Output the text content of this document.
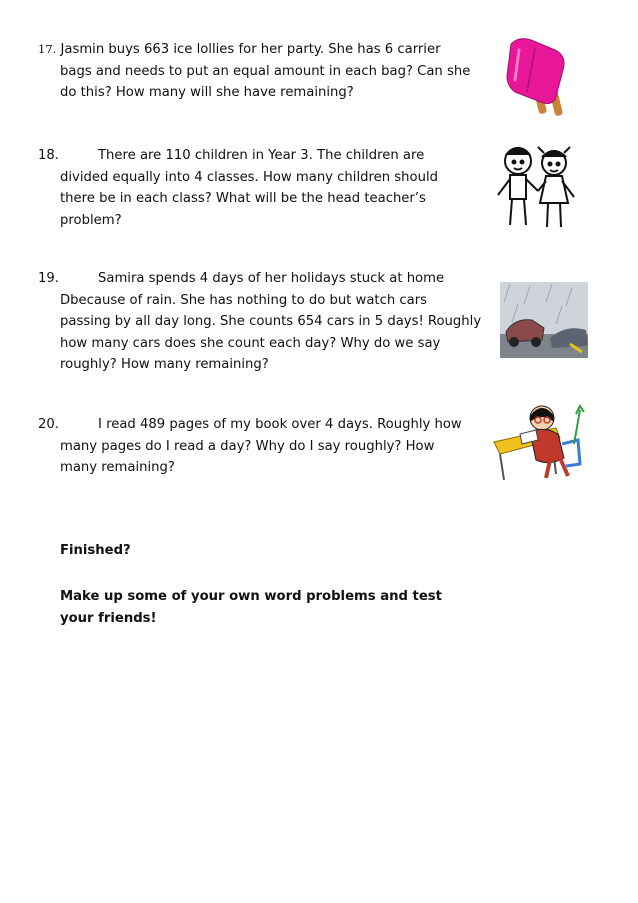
17. Jasmin buys 663 ice lollies for her party. She has 6 carrier
bags and needs to put an equal amount in each bag? Can she
do this? How many will she have remaining?
18.	There are 110 children in Year 3. The children are
divided equally into 4 classes. How many children should
there be in each class? What will be the head teacher’s
problem?
19.	Samira spends 4 days of her holidays stuck at home
Dbecause of rain. She has nothing to do but watch cars
passing by all day long. She counts 654 cars in 5 days! Roughly
how many cars does she count each day? Why do we say
roughly? How many remaining?
20.	I read 489 pages of my book over 4 days. Roughly how
many pages do I read a day? Why do I say roughly? How
many remaining?
Finished?
Make up some of your own word problems and test your friends!
